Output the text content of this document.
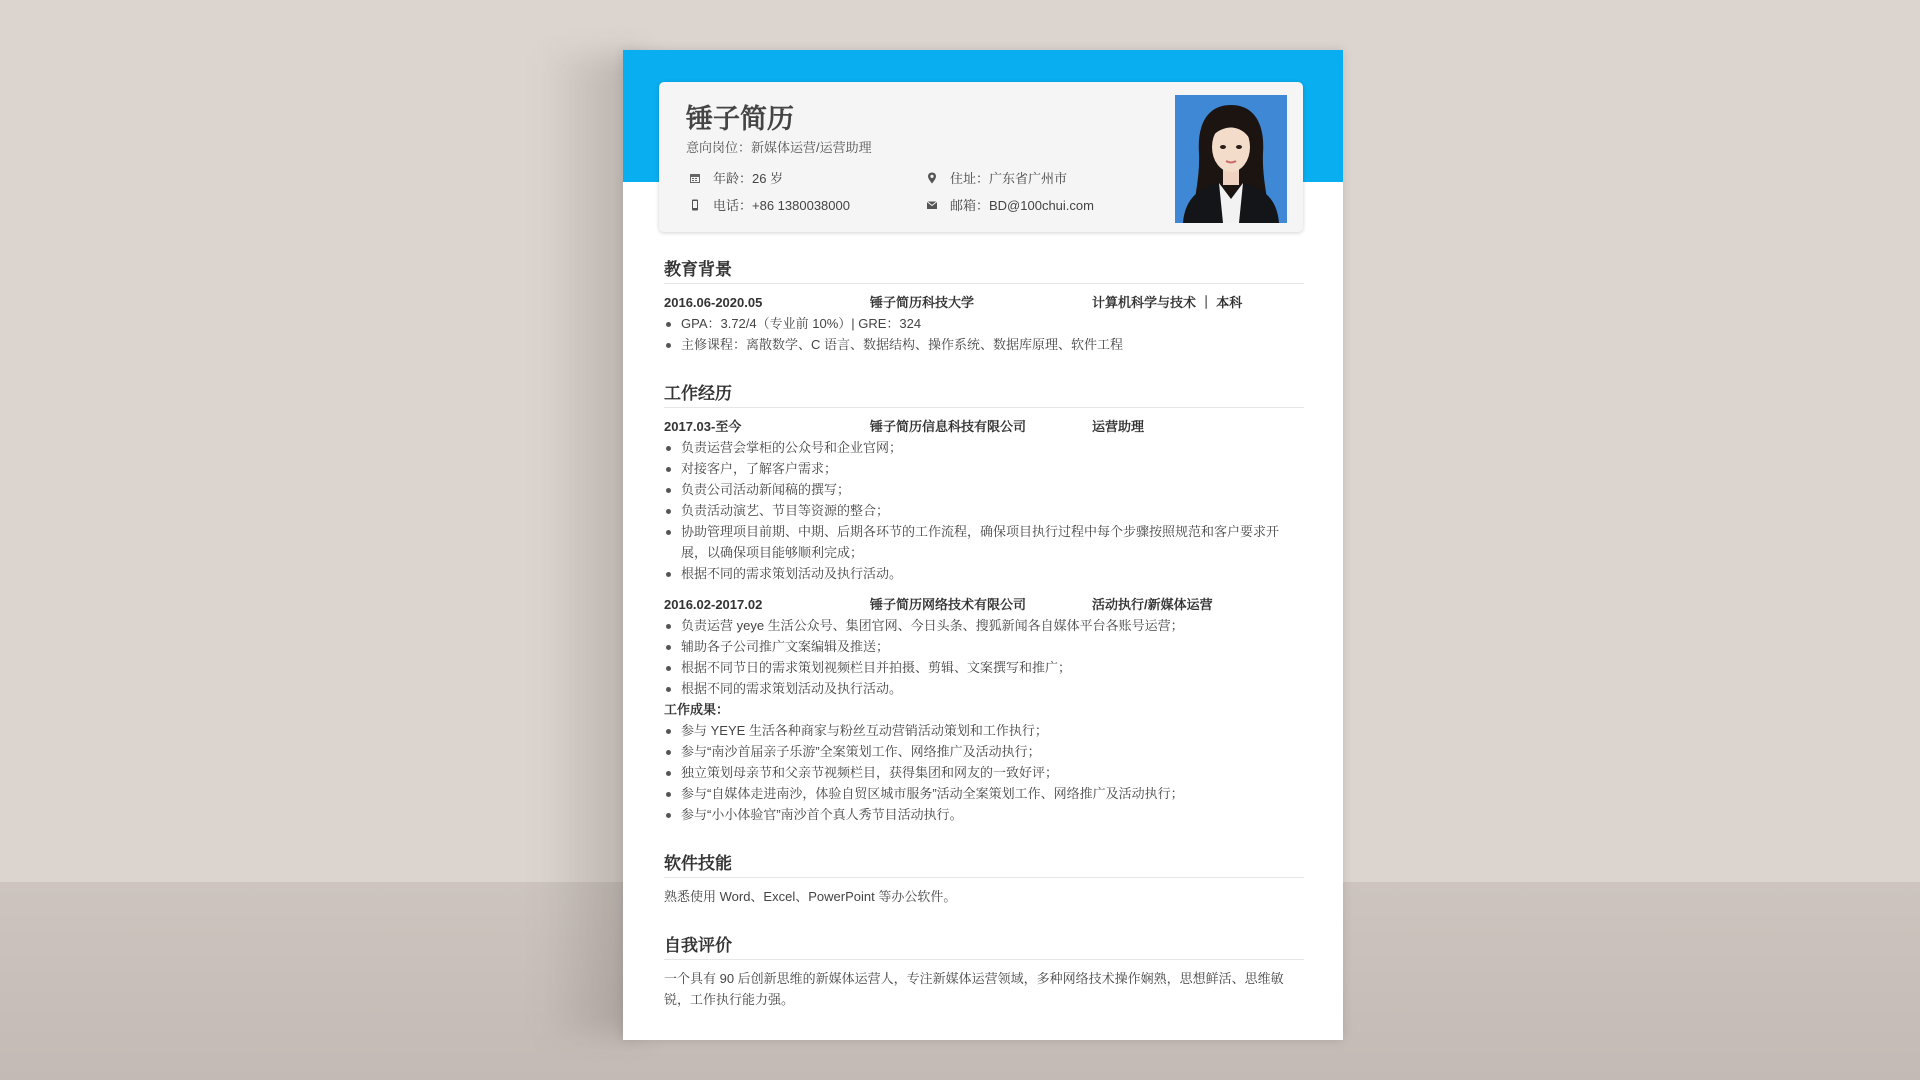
锤子简历
意向岗位：新媒体运营/运营助理
年龄：26 岁	住址：广东省广州市
电话：+86 1380038000	邮箱：BD@100chui.com
教育背景
2016.06-2020.05	锤子简历科技大学	计算机科学与技术 ｜ 本科
GPA：3.72/4（专业前 10%）| GRE：324
主修课程：离散数学、C 语言、数据结构、操作系统、数据库原理、软件工程
工作经历
2017.03-至今	锤子简历信息科技有限公司	运营助理
负责运营会掌柜的公众号和企业官网；
对接客户，了解客户需求；
负责公司活动新闻稿的撰写；
负责活动演艺、节目等资源的整合；
协助管理项目前期、中期、后期各环节的工作流程，确保项目执行过程中每个步骤按照规范和客户要求开展，以确保项目能够顺利完成；
根据不同的需求策划活动及执行活动。
2016.02-2017.02	锤子简历网络技术有限公司	活动执行/新媒体运营
负责运营 yeye 生活公众号、集团官网、今日头条、搜狐新闻各自媒体平台各账号运营；
辅助各子公司推广文案编辑及推送；
根据不同节日的需求策划视频栏目并拍摄、剪辑、文案撰写和推广；
根据不同的需求策划活动及执行活动。
工作成果：
参与 YEYE 生活各种商家与粉丝互动营销活动策划和工作执行；
参与“南沙首届亲子乐游”全案策划工作、网络推广及活动执行；
独立策划母亲节和父亲节视频栏目，获得集团和网友的一致好评；
参与“自媒体走进南沙，体验自贸区城市服务”活动全案策划工作、网络推广及活动执行；
参与“小小体验官”南沙首个真人秀节目活动执行。
软件技能
熟悉使用 Word、Excel、PowerPoint 等办公软件。
自我评价
一个具有 90 后创新思维的新媒体运营人，专注新媒体运营领域，多种网络技术操作娴熟，思想鲜活、思维敏锐，工作执行能力强。
